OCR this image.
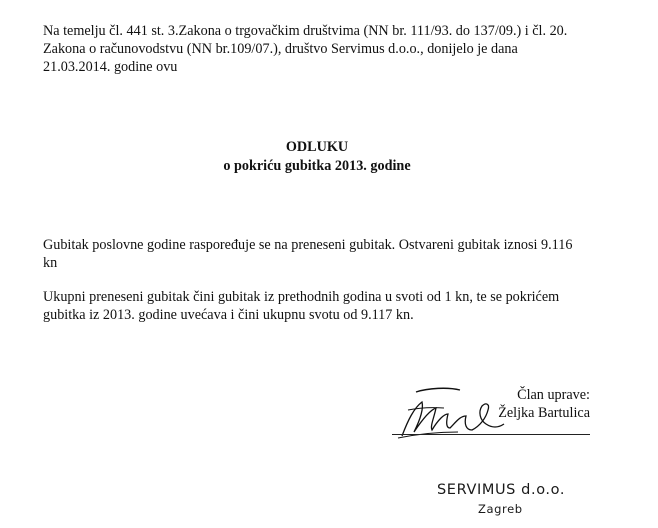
Na temelju čl. 441 st. 3.Zakona o trgovačkim društvima (NN br. 111/93. do 137/09.) i čl. 20.
Zakona o računovodstvu (NN br.109/07.), društvo Servimus d.o.o., donijelo je dana
21.03.2014. godine ovu
ODLUKU
o pokriću gubitka 2013. godine
Gubitak poslovne godine raspoređuje se na preneseni gubitak. Ostvareni gubitak iznosi 9.116
kn
Ukupni preneseni gubitak čini gubitak iz prethodnih godina u svoti od 1 kn, te se pokrićem
gubitka iz 2013. godine uvećava i čini ukupnu svotu od 9.117 kn.
Član uprave:
Željka Bartulica
SERVIMUS d.o.o.
Zagreb
